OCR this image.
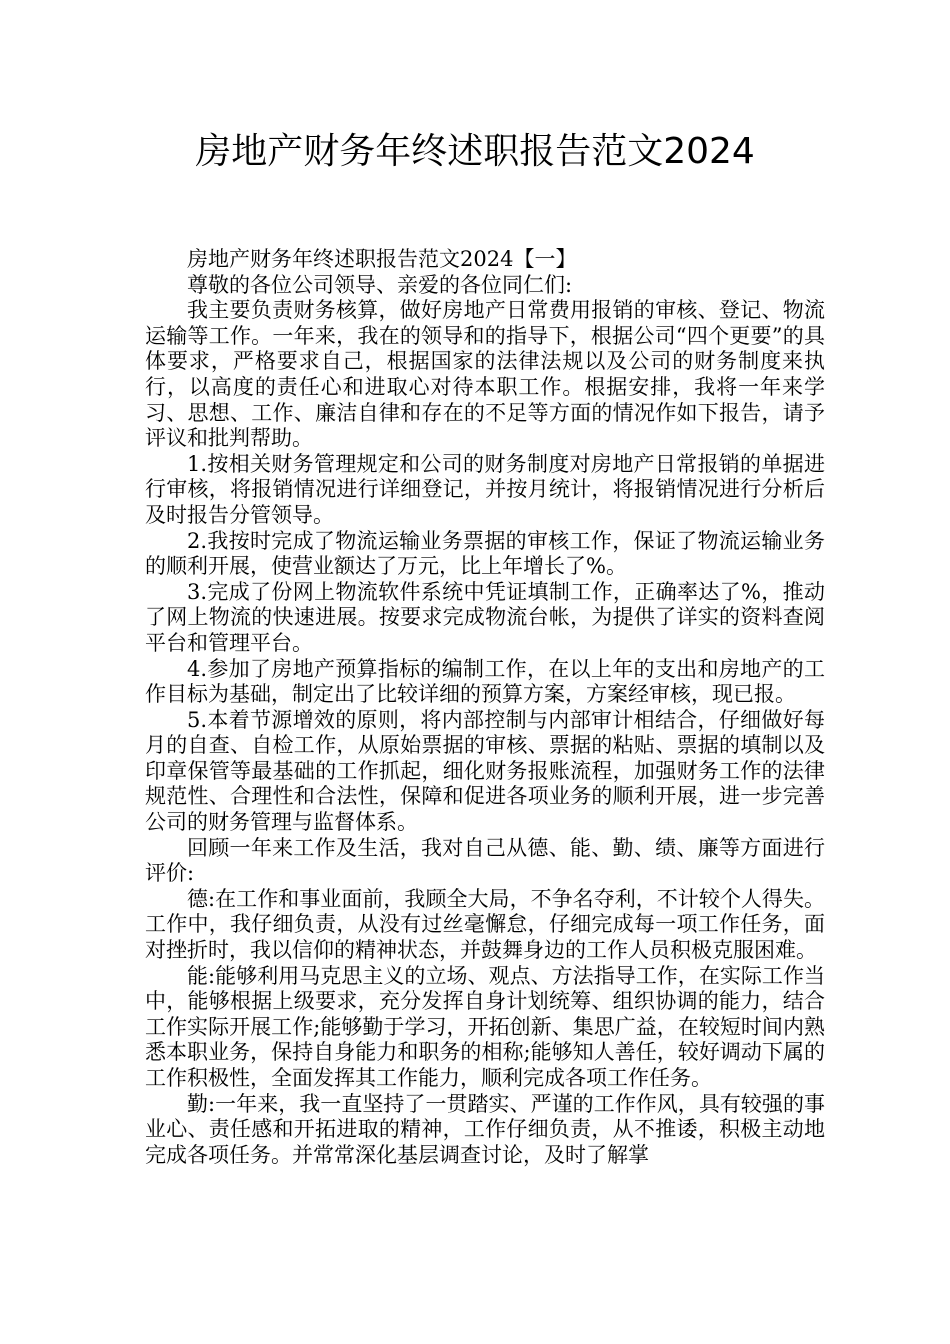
房地产财务年终述职报告范文2024

房地产财务年终述职报告范文2024【一】

尊敬的各位公司领导、亲爱的各位同仁们:

我主要负责财务核算，做好房地产日常费用报销的审核、登记、物流运输等工作。一年来，我在的领导和的指导下，根据公司“四个更要”的具体要求，严格要求自己，根据国家的法律法规以及公司的财务制度来执行，以高度的责任心和进取心对待本职工作。根据安排，我将一年来学习、思想、工作、廉洁自律和存在的不足等方面的情况作如下报告，请予评议和批判帮助。

1.按相关财务管理规定和公司的财务制度对房地产日常报销的单据进行审核，将报销情况进行详细登记，并按月统计，将报销情况进行分析后及时报告分管领导。

2.我按时完成了物流运输业务票据的审核工作，保证了物流运输业务的顺利开展，使营业额达了万元，比上年增长了%。

3.完成了份网上物流软件系统中凭证填制工作，正确率达了%，推动了网上物流的快速进展。按要求完成物流台帐，为提供了详实的资料查阅平台和管理平台。

4.参加了房地产预算指标的编制工作，在以上年的支出和房地产的工作目标为基础，制定出了比较详细的预算方案，方案经审核，现已报。

5.本着节源增效的原则，将内部控制与内部审计相结合，仔细做好每月的自查、自检工作，从原始票据的审核、票据的粘贴、票据的填制以及印章保管等最基础的工作抓起，细化财务报账流程，加强财务工作的法律规范性、合理性和合法性，保障和促进各项业务的顺利开展，进一步完善公司的财务管理与监督体系。

回顾一年来工作及生活，我对自己从德、能、勤、绩、廉等方面进行评价:

德:在工作和事业面前，我顾全大局，不争名夺利，不计较个人得失。工作中，我仔细负责，从没有过丝毫懈怠，仔细完成每一项工作任务，面对挫折时，我以信仰的精神状态，并鼓舞身边的工作人员积极克服困难。

能:能够利用马克思主义的立场、观点、方法指导工作，在实际工作当中，能够根据上级要求，充分发挥自身计划统筹、组织协调的能力，结合工作实际开展工作;能够勤于学习，开拓创新、集思广益，在较短时间内熟悉本职业务，保持自身能力和职务的相称;能够知人善任，较好调动下属的工作积极性，全面发挥其工作能力，顺利完成各项工作任务。

勤:一年来，我一直坚持了一贯踏实、严谨的工作作风，具有较强的事业心、责任感和开拓进取的精神，工作仔细负责，从不推诿，积极主动地完成各项任务。并常常深化基层调查讨论，及时了解掌
